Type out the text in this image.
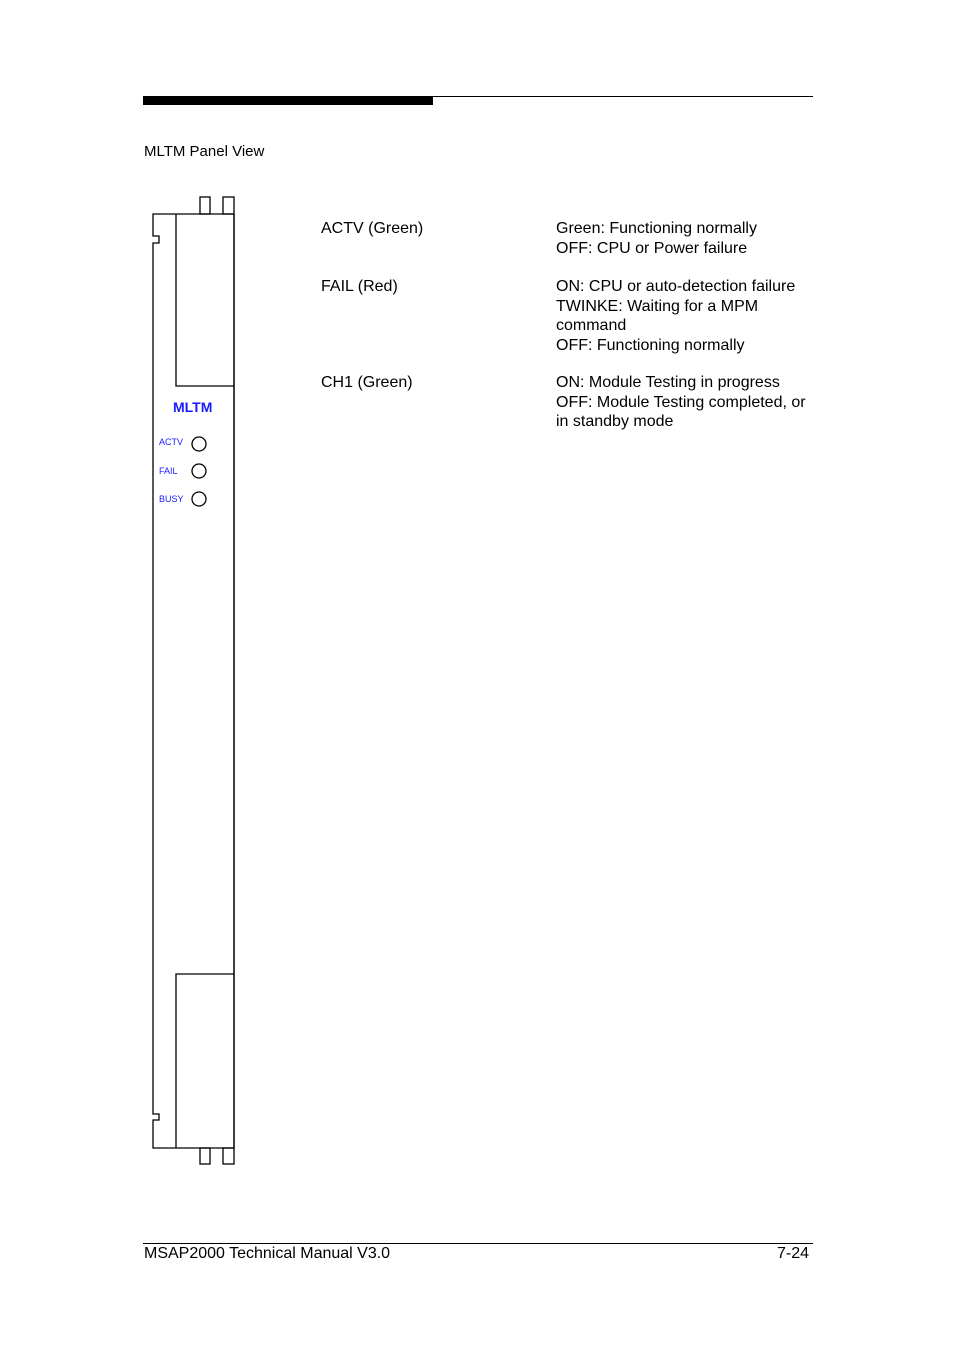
MLTM Panel View
MLTM
ACTV
FAIL
BUSY
ACTV (Green)	Green: Functioning normally
OFF: CPU or Power failure
FAIL (Red)	ON: CPU or auto-detection failure
TWINKE: Waiting for a MPM
command
OFF: Functioning normally
CH1 (Green)	ON: Module Testing in progress
OFF: Module Testing completed, or
in standby mode
MSAP2000 Technical Manual V3.0	7-24
